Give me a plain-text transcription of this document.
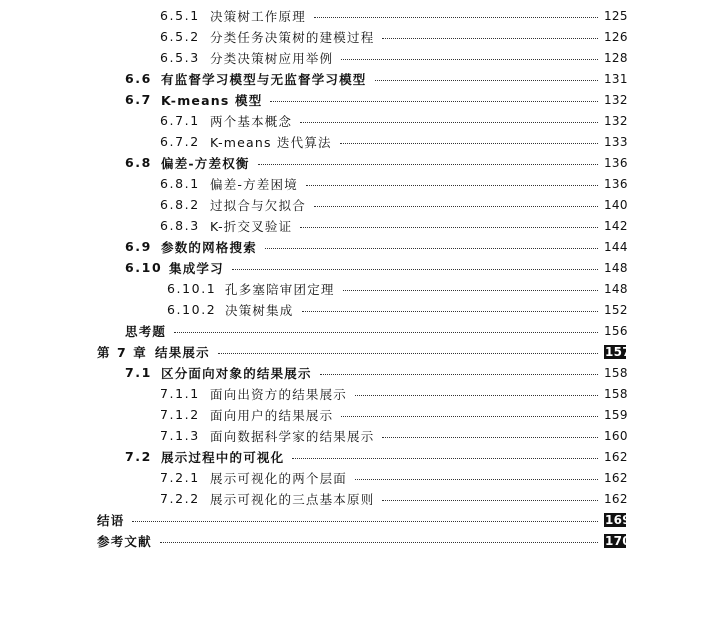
6.5.1 决策树工作原理	125
6.5.2 分类任务决策树的建模过程	126
6.5.3 分类决策树应用举例	128
6.6 有监督学习模型与无监督学习模型	131
6.7 K-means 模型	132
6.7.1 两个基本概念	132
6.7.2 K-means 迭代算法	133
6.8 偏差-方差权衡	136
6.8.1 偏差-方差困境	136
6.8.2 过拟合与欠拟合	140
6.8.3 K-折交叉验证	142
6.9 参数的网格搜索	144
6.10 集成学习	148
6.10.1 孔多塞陪审团定理	148
6.10.2 决策树集成	152
思考题	156
第 7 章 结果展示	157
7.1 区分面向对象的结果展示	158
7.1.1 面向出资方的结果展示	158
7.1.2 面向用户的结果展示	159
7.1.3 面向数据科学家的结果展示	160
7.2 展示过程中的可视化	162
7.2.1 展示可视化的两个层面	162
7.2.2 展示可视化的三点基本原则	162
结语	169
参考文献	170
